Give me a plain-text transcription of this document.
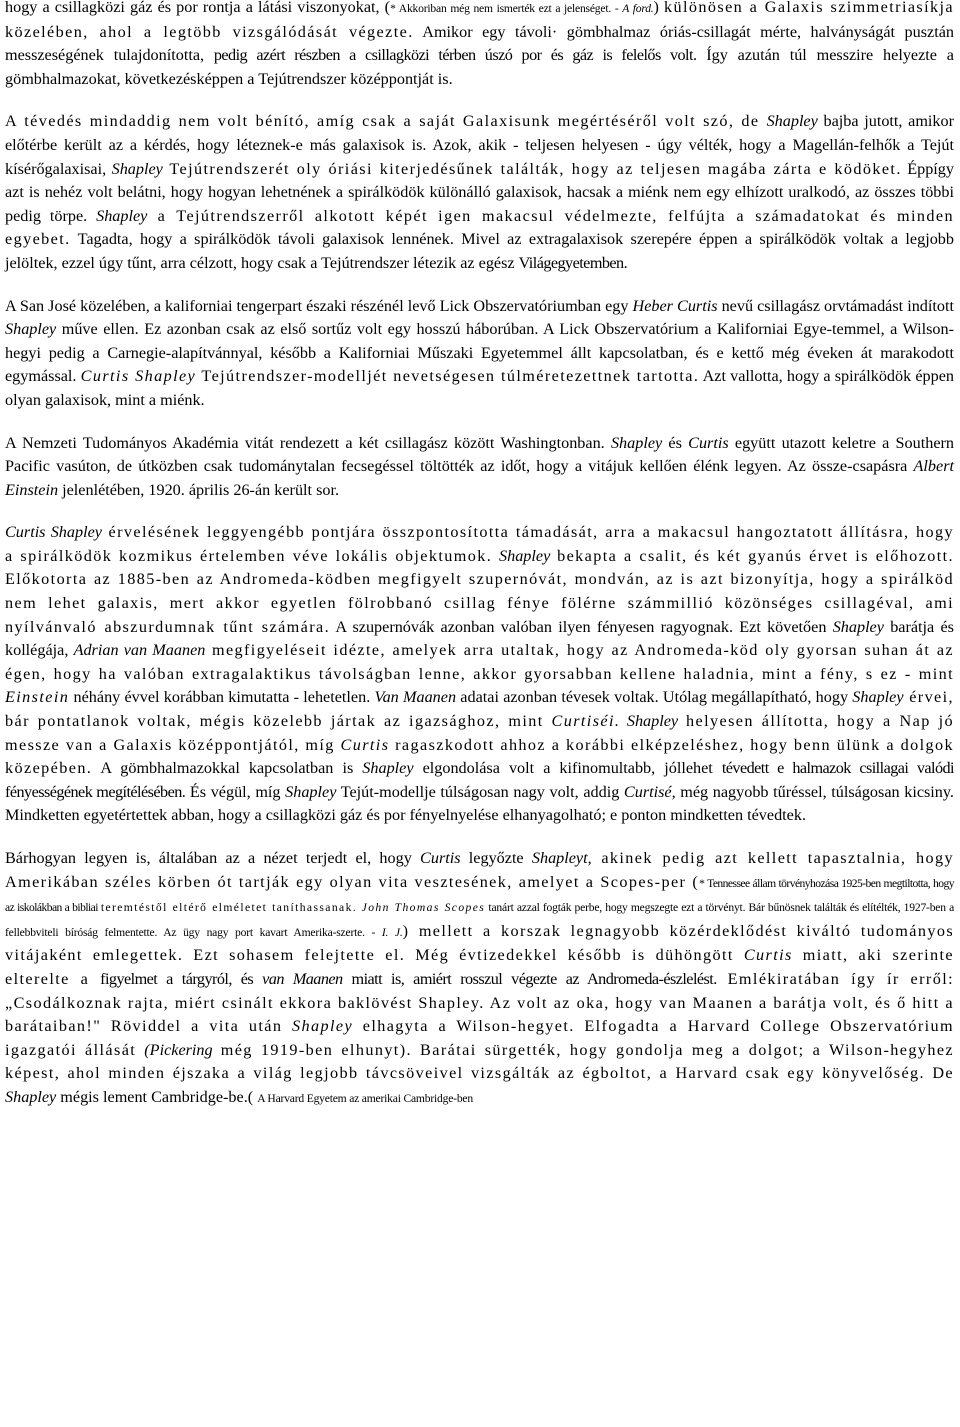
hogy a csillagközi gáz és por rontja a látási viszonyokat, (* Akkoriban még nem ismerték ezt a jelenséget. - A ford.) különösen a Galaxis szimmetriasíkja közelében, ahol a legtöbb vizsgálódását végezte. Amikor egy távoli· gömbhalmaz óriás-csillagát mérte, halványságát pusztán messzeségének tulajdonította, pedig azért részben a csillagközi térben úszó por és gáz is felelős volt. Így azután túl messzire helyezte a gömbhalmazokat, következésképpen a Tejútrendszer középpontját is.

A tévedés mindaddig nem volt bénító, amíg csak a saját Galaxisunk megértéséről volt szó, de Shapley bajba jutott, amikor előtérbe került az a kérdés, hogy léteznek-e más galaxisok is. Azok, akik - teljesen helyesen - úgy vélték, hogy a Magellán-felhők a Tejút kísérőgalaxisai, Shapley Tejútrendszerét oly óriási kiterjedésűnek találták, hogy az teljesen magába zárta e ködöket. Éppígy azt is nehéz volt belátni, hogy hogyan lehetnének a spirálködök különálló galaxisok, hacsak a miénk nem egy elhízott uralkodó, az összes többi pedig törpe. Shapley a Tejútrendszerről alkotott képét igen makacsul védelmezte, felfújta a számadatokat és minden egyebet. Tagadta, hogy a spirálködök távoli galaxisok lennének. Mivel az extragalaxisok szerepére éppen a spirálködök voltak a legjobb jelöltek, ezzel úgy tűnt, arra célzott, hogy csak a Tejútrendszer létezik az egész Világegyetemben.

A San José közelében, a kaliforniai tengerpart északi részénél levő Lick Obszervatóriumban egy Heber Curtis nevű csillagász orvtámadást indított Shapley műve ellen. Ez azonban csak az első sortűz volt egy hosszú háborúban. A Lick Obszervatórium a Kaliforniai Egye-temmel, a Wilson-hegyi pedig a Carnegie-alapítvánnyal, később a Kaliforniai Műszaki Egyetemmel állt kapcsolatban, és e kettő még éveken át marakodott egymással. Curtis Shapley Tejútrendszer-modelljét nevetségesen túlméretezettnek tartotta. Azt vallotta, hogy a spirálködök éppen olyan galaxisok, mint a miénk.

A Nemzeti Tudományos Akadémia vitát rendezett a két csillagász között Washingtonban. Shapley és Curtis együtt utazott keletre a Southern Pacific vasúton, de útközben csak tudománytalan fecsegéssel töltötték az időt, hogy a vitájuk kellően élénk legyen. Az össze-csapásra Albert Einstein jelenlétében, 1920. április 26-án került sor.

Curtis Shapley érvelésének leggyengébb pontjára összpontosította támadását, arra a makacsul hangoztatott állításra, hogy a spirálködök kozmikus értelemben véve lokális objektumok. Shapley bekapta a csalit, és két gyanús érvet is előhozott. Előkotorta az 1885-ben az Andromeda-ködben megfigyelt szupernóvát, mondván, az is azt bizonyítja, hogy a spirálköd nem lehet galaxis, mert akkor egyetlen fölrobbanó csillag fénye fölérne számmillió közönséges csillagéval, ami nyílvánvaló abszurdumnak tűnt számára. A szupernóvák azonban valóban ilyen fényesen ragyognak. Ezt követően Shapley barátja és kollégája, Adrian van Maanen megfigyeléseit idézte, amelyek arra utaltak, hogy az Andromeda-köd oly gyorsan suhan át az égen, hogy ha valóban extragalaktikus távolságban lenne, akkor gyorsabban kellene haladnia, mint a fény, s ez - mint Einstein néhány évvel korábban kimutatta - lehetetlen. Van Maanen adatai azonban tévesek voltak. Utólag megállapítható, hogy Shapley érvei, bár pontatlanok voltak, mégis közelebb jártak az igazsághoz, mint Curtiséi. Shapley helyesen állította, hogy a Nap jó messze van a Galaxis középpontjától, míg Curtis ragaszkodott ahhoz a korábbi elképzeléshez, hogy benn ülünk a dolgok közepében. A gömbhalmazokkal kapcsolatban is Shapley elgondolása volt a kifinomultabb, jóllehet tévedett e halmazok csillagai valódi fényességének megítélésében. És végül, míg Shapley Tejút-modellje túlságosan nagy volt, addig Curtisé, még nagyobb tűréssel, túlságosan kicsiny. Mindketten egyetértettek abban, hogy a csillagközi gáz és por fényelnyelése elhanyagolható; e ponton mindketten tévedtek.

Bárhogyan legyen is, általában az a nézet terjedt el, hogy Curtis legyőzte Shapleyt, akinek pedig azt kellett tapasztalnia, hogy Amerikában széles körben ót tartják egy olyan vita vesztesének, amelyet a Scopes-per (* Tennessee állam törvényhozása 1925-ben megtiltotta, hogy az iskolákban a bibliai teremtéstől eltérő elméletet taníthassanak. John Thomas Scopes tanárt azzal fogták perbe, hogy megszegte ezt a törvényt. Bár bűnösnek találták és elítélték, 1927-ben a fellebbviteli bíróság felmentette. Az ügy nagy port kavart Amerika-szerte. - I. J.) mellett a korszak legnagyobb közérdeklődést kiváltó tudományos vitájaként emlegettek. Ezt sohasem felejtette el. Még évtizedekkel később is dühöngött Curtis miatt, aki szerinte elterelte a figyelmet a tárgyról, és van Maanen miatt is, amiért rosszul végezte az Andromeda-észlelést. Emlékiratában így ír erről: „Csodálkoznak rajta, miért csinált ekkora baklövést Shapley. Az volt az oka, hogy van Maanen a barátja volt, és ő hitt a barátaiban!" Röviddel a vita után Shapley elhagyta a Wilson-hegyet. Elfogadta a Harvard College Obszervatórium igazgatói állását (Pickering még 1919-ben elhunyt). Barátai sürgették, hogy gondolja meg a dolgot; a Wilson-hegyhez képest, ahol minden éjszaka a világ legjobb távcsöveivel vizsgálták az égboltot, a Harvard csak egy könyvelőség. De Shapley mégis lement Cambridge-be.( A Harvard Egyetem az amerikai Cambridge-ben
